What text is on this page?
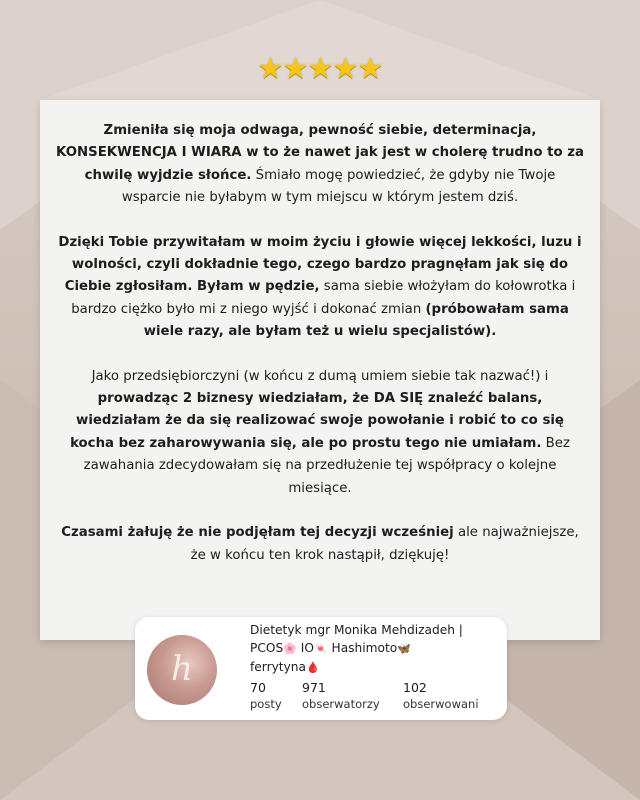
★★★★★

Zmieniła się moja odwaga, pewność siebie, determinacja, KONSEKWENCJA I WIARA w to że nawet jak jest w cholerę trudno to za chwilę wyjdzie słońce. Śmiało mogę powiedzieć, że gdyby nie Twoje wsparcie nie byłabym w tym miejscu w którym jestem dziś.

Dzięki Tobie przywitałam w moim życiu i głowie więcej lekkości, luzu i wolności, czyli dokładnie tego, czego bardzo pragnęłam jak się do Ciebie zgłosiłam. Byłam w pędzie, sama siebie włożyłam do kołowrotka i bardzo ciężko było mi z niego wyjść i dokonać zmian (próbowałam sama wiele razy, ale byłam też u wielu specjalistów).

Jako przedsiębiorczyni (w końcu z dumą umiem siebie tak nazwać!) i prowadząc 2 biznesy wiedziałam, że DA SIĘ znaleźć balans, wiedziałam że da się realizować swoje powołanie i robić to co się kocha bez zaharowywania się, ale po prostu tego nie umiałam. Bez zawahania zdecydowałam się na przedłużenie tej współpracy o kolejne miesiące.

Czasami żałuję że nie podjęłam tej decyzji wcześniej ale najważniejsze, że w końcu ten krok nastąpił, dziękuję!

h
Dietetyk mgr Monika Mehdizadeh |
PCOS🌸 IO🍬 Hashimoto🦋
ferrytyna🩸
70
posty
971
obserwatorzy
102
obserwowani
